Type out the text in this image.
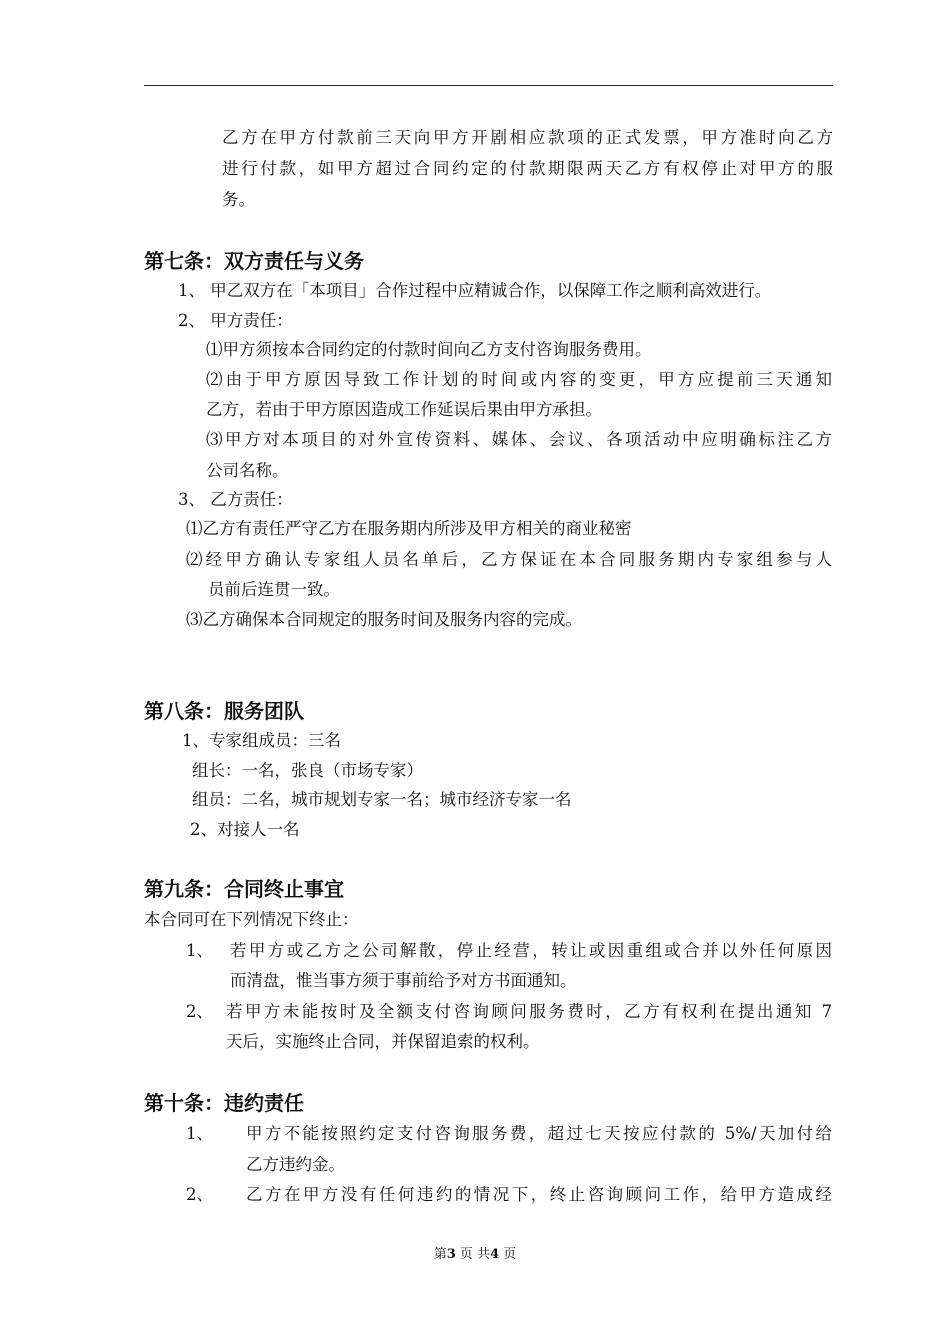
乙方在甲方付款前三天向甲方开剧相应款项的正式发票，甲方准时向乙方
进行付款，如甲方超过合同约定的付款期限两天乙方有权停止对甲方的服
务。
第七条：双方责任与义务
1、 甲乙双方在「本项目」合作过程中应精诚合作，以保障工作之顺利高效进行。
2、 甲方责任：
⑴甲方须按本合同约定的付款时间向乙方支付咨询服务费用。
⑵由于甲方原因导致工作计划的时间或内容的变更，甲方应提前三天通知
乙方，若由于甲方原因造成工作延误后果由甲方承担。
⑶甲方对本项目的对外宣传资料、媒体、会议、各项活动中应明确标注乙方
公司名称。
3、 乙方责任：
⑴乙方有责任严守乙方在服务期内所涉及甲方相关的商业秘密
⑵经甲方确认专家组人员名单后，乙方保证在本合同服务期内专家组参与人
员前后连贯一致。
⑶乙方确保本合同规定的服务时间及服务内容的完成。
第八条：服务团队
1、专家组成员：三名
组长：一名，张良（市场专家）
组员：二名，城市规划专家一名；城市经济专家一名
2、对接人一名
第九条：合同终止事宜
本合同可在下列情况下终止：
1、 若甲方或乙方之公司解散，停止经营，转让或因重组或合并以外任何原因
而清盘，惟当事方须于事前给予对方书面通知。
2、 若甲方未能按时及全额支付咨询顾问服务费时，乙方有权利在提出通知 7
天后，实施终止合同，并保留追索的权利。
第十条：违约责任
1、 甲方不能按照约定支付咨询服务费，超过七天按应付款的 5%/天加付给
乙方违约金。
2、 乙方在甲方没有任何违约的情况下，终止咨询顾问工作，给甲方造成经
第3 页 共4 页
